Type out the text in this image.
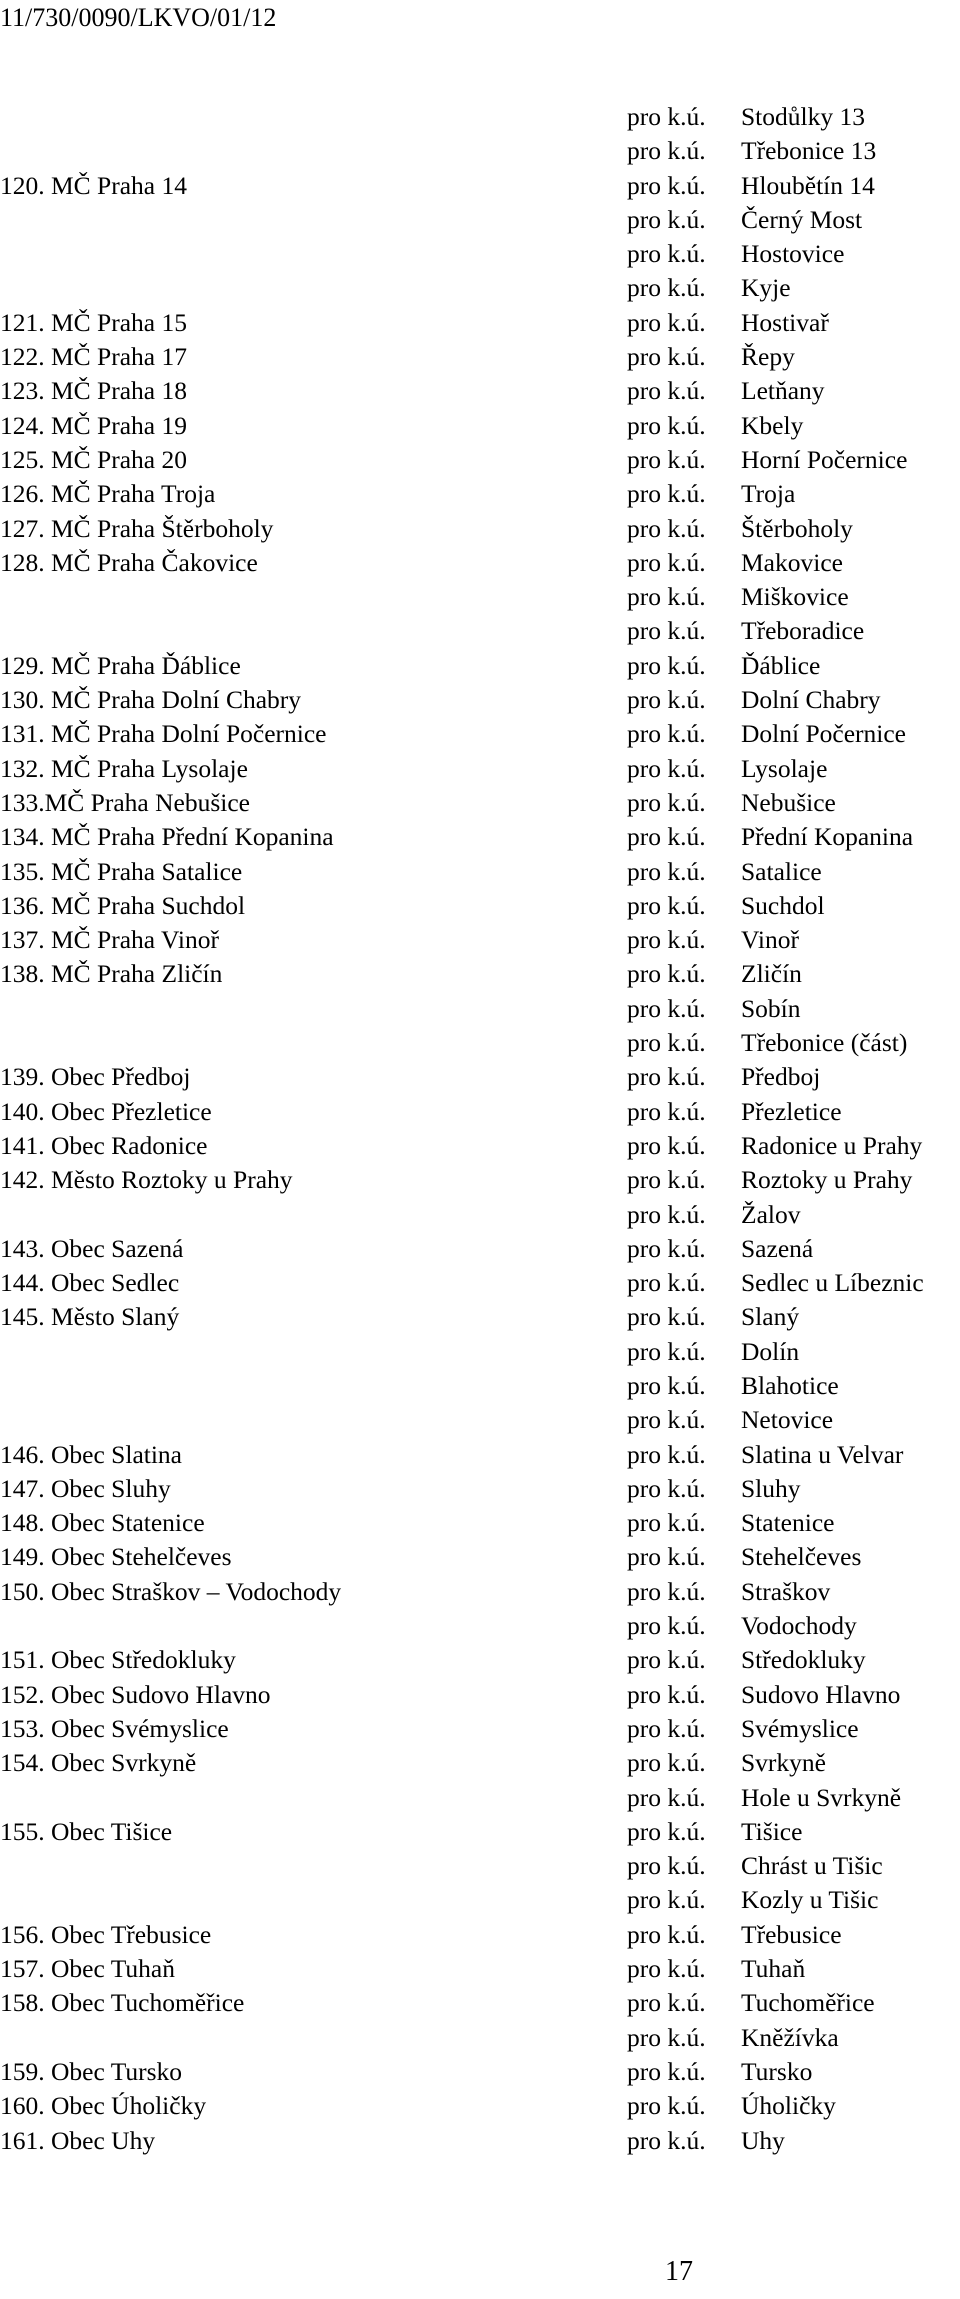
11/730/0090/LKVO/01/12
pro k.ú. Stodůlky 13
pro k.ú. Třebonice 13
120. MČ Praha 14	pro k.ú. Hloubětín 14
pro k.ú. Černý Most
pro k.ú. Hostovice
pro k.ú. Kyje
121. MČ Praha 15	pro k.ú. Hostivař
122. MČ Praha 17	pro k.ú. Řepy
123. MČ Praha 18	pro k.ú. Letňany
124. MČ Praha 19	pro k.ú. Kbely
125. MČ Praha 20	pro k.ú. Horní Počernice
126. MČ Praha Troja	pro k.ú. Troja
127. MČ Praha Štěrboholy	pro k.ú. Štěrboholy
128. MČ Praha Čakovice	pro k.ú. Makovice
pro k.ú. Miškovice
pro k.ú. Třeboradice
129. MČ Praha Ďáblice	pro k.ú. Ďáblice
130. MČ Praha Dolní Chabry	pro k.ú. Dolní Chabry
131. MČ Praha Dolní Počernice	pro k.ú. Dolní Počernice
132. MČ Praha Lysolaje	pro k.ú. Lysolaje
133.MČ Praha Nebušice	pro k.ú. Nebušice
134. MČ Praha Přední Kopanina	pro k.ú. Přední Kopanina
135. MČ Praha Satalice	pro k.ú. Satalice
136. MČ Praha Suchdol	pro k.ú. Suchdol
137. MČ Praha Vinoř	pro k.ú. Vinoř
138. MČ Praha Zličín	pro k.ú. Zličín
pro k.ú. Sobín
pro k.ú. Třebonice (část)
139. Obec Předboj	pro k.ú. Předboj
140. Obec Přezletice	pro k.ú. Přezletice
141. Obec Radonice	pro k.ú. Radonice u Prahy
142. Město Roztoky u Prahy	pro k.ú. Roztoky u Prahy
pro k.ú. Žalov
143. Obec Sazená	pro k.ú. Sazená
144. Obec Sedlec	pro k.ú. Sedlec u Líbeznic
145. Město Slaný	pro k.ú. Slaný
pro k.ú. Dolín
pro k.ú. Blahotice
pro k.ú. Netovice
146. Obec Slatina	pro k.ú. Slatina u Velvar
147. Obec Sluhy	pro k.ú. Sluhy
148. Obec Statenice	pro k.ú. Statenice
149. Obec Stehelčeves	pro k.ú. Stehelčeves
150. Obec Straškov – Vodochody	pro k.ú. Straškov
pro k.ú. Vodochody
151. Obec Středokluky	pro k.ú. Středokluky
152. Obec Sudovo Hlavno	pro k.ú. Sudovo Hlavno
153. Obec Svémyslice	pro k.ú. Svémyslice
154. Obec Svrkyně	pro k.ú. Svrkyně
pro k.ú. Hole u Svrkyně
155. Obec Tišice	pro k.ú. Tišice
pro k.ú. Chrást u Tišic
pro k.ú. Kozly u Tišic
156. Obec Třebusice	pro k.ú. Třebusice
157. Obec Tuhaň	pro k.ú. Tuhaň
158. Obec Tuchoměřice	pro k.ú. Tuchoměřice
pro k.ú. Kněžívka
159. Obec Tursko	pro k.ú. Tursko
160. Obec Úholičky	pro k.ú. Úholičky
161. Obec Uhy	pro k.ú. Uhy
17
